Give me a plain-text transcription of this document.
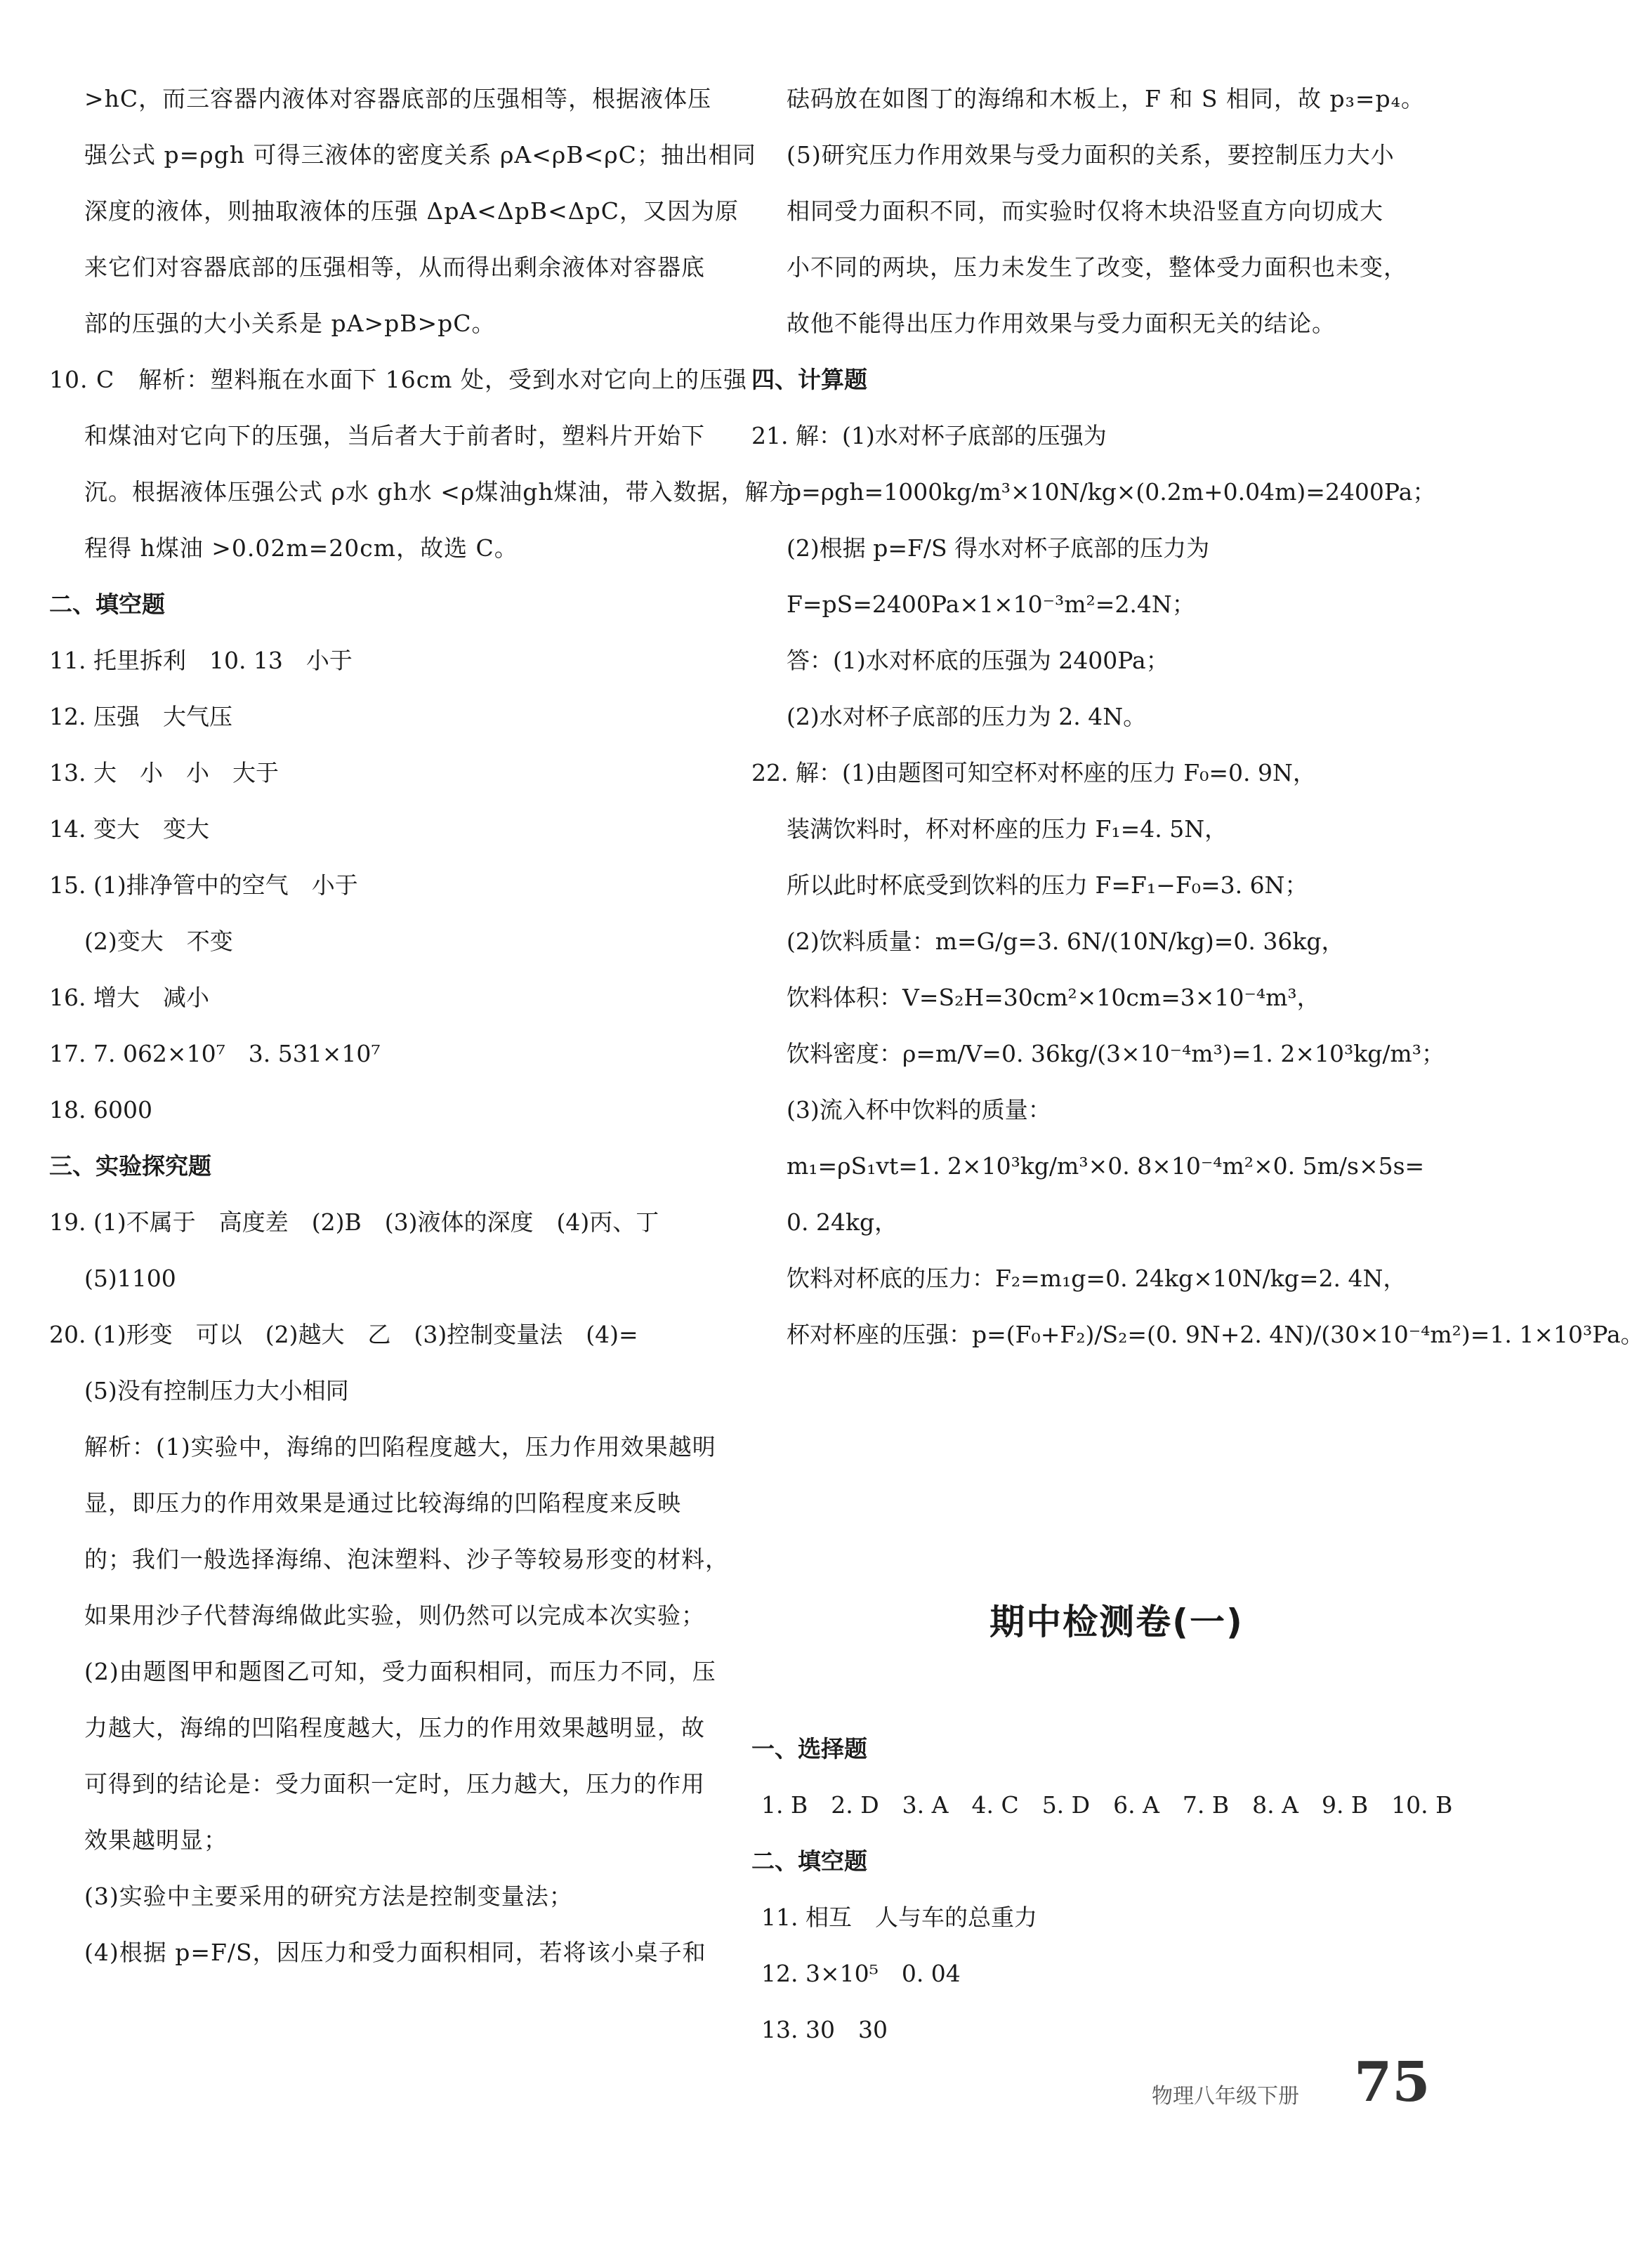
>hC，而三容器内液体对容器底部的压强相等，根据液体压
强公式 p=ρgh 可得三液体的密度关系 ρA<ρB<ρC；抽出相同
深度的液体，则抽取液体的压强 ΔpA<ΔpB<ΔpC，又因为原
来它们对容器底部的压强相等，从而得出剩余液体对容器底
部的压强的大小关系是 pA>pB>pC。
10. C　解析：塑料瓶在水面下 16cm 处，受到水对它向上的压强
和煤油对它向下的压强，当后者大于前者时，塑料片开始下
沉。根据液体压强公式 ρ水 gh水 <ρ煤油gh煤油，带入数据，解方
程得 h煤油 >0.02m=20cm，故选 C。
二、填空题
11. 托里拆利　10. 13　小于
12. 压强　大气压
13. 大　小　小　大于
14. 变大　变大
15. (1)排净管中的空气　小于
(2)变大　不变
16. 增大　减小
17. 7. 062×10⁷　3. 531×10⁷
18. 6000
三、实验探究题
19. (1)不属于　高度差　(2)B　(3)液体的深度　(4)丙、丁
(5)1100
20. (1)形变　可以　(2)越大　乙　(3)控制变量法　(4)=
(5)没有控制压力大小相同
解析：(1)实验中，海绵的凹陷程度越大，压力作用效果越明
显，即压力的作用效果是通过比较海绵的凹陷程度来反映
的；我们一般选择海绵、泡沫塑料、沙子等较易形变的材料，
如果用沙子代替海绵做此实验，则仍然可以完成本次实验；
(2)由题图甲和题图乙可知，受力面积相同，而压力不同，压
力越大，海绵的凹陷程度越大，压力的作用效果越明显，故
可得到的结论是：受力面积一定时，压力越大，压力的作用
效果越明显；
(3)实验中主要采用的研究方法是控制变量法；
(4)根据 p=F/S，因压力和受力面积相同，若将该小桌子和
砝码放在如图丁的海绵和木板上，F 和 S 相同，故 p₃=p₄。
(5)研究压力作用效果与受力面积的关系，要控制压力大小
相同受力面积不同，而实验时仅将木块沿竖直方向切成大
小不同的两块，压力未发生了改变，整体受力面积也未变，
故他不能得出压力作用效果与受力面积无关的结论。
四、计算题
21. 解：(1)水对杯子底部的压强为
p=ρgh=1000kg/m³×10N/kg×(0.2m+0.04m)=2400Pa；
(2)根据 p=F/S 得水对杯子底部的压力为
F=pS=2400Pa×1×10⁻³m²=2.4N；
答：(1)水对杯底的压强为 2400Pa；
(2)水对杯子底部的压力为 2. 4N。
22. 解：(1)由题图可知空杯对杯座的压力 F₀=0. 9N，
装满饮料时，杯对杯座的压力 F₁=4. 5N，
所以此时杯底受到饮料的压力 F=F₁−F₀=3. 6N；
(2)饮料质量：m=G/g=3. 6N/(10N/kg)=0. 36kg，
饮料体积：V=S₂H=30cm²×10cm=3×10⁻⁴m³，
饮料密度：ρ=m/V=0. 36kg/(3×10⁻⁴m³)=1. 2×10³kg/m³；
(3)流入杯中饮料的质量：
m₁=ρS₁vt=1. 2×10³kg/m³×0. 8×10⁻⁴m²×0. 5m/s×5s=
0. 24kg，
饮料对杯底的压力：F₂=m₁g=0. 24kg×10N/kg=2. 4N，
杯对杯座的压强：p=(F₀+F₂)/S₂=(0. 9N+2. 4N)/(30×10⁻⁴m²)=1. 1×10³Pa。
期中检测卷(一)
一、选择题
1. B　2. D　3. A　4. C　5. D　6. A　7. B　8. A　9. B　10. B
二、填空题
11. 相互　人与车的总重力
12. 3×10⁵　0. 04
13. 30　30
物理八年级下册 75
